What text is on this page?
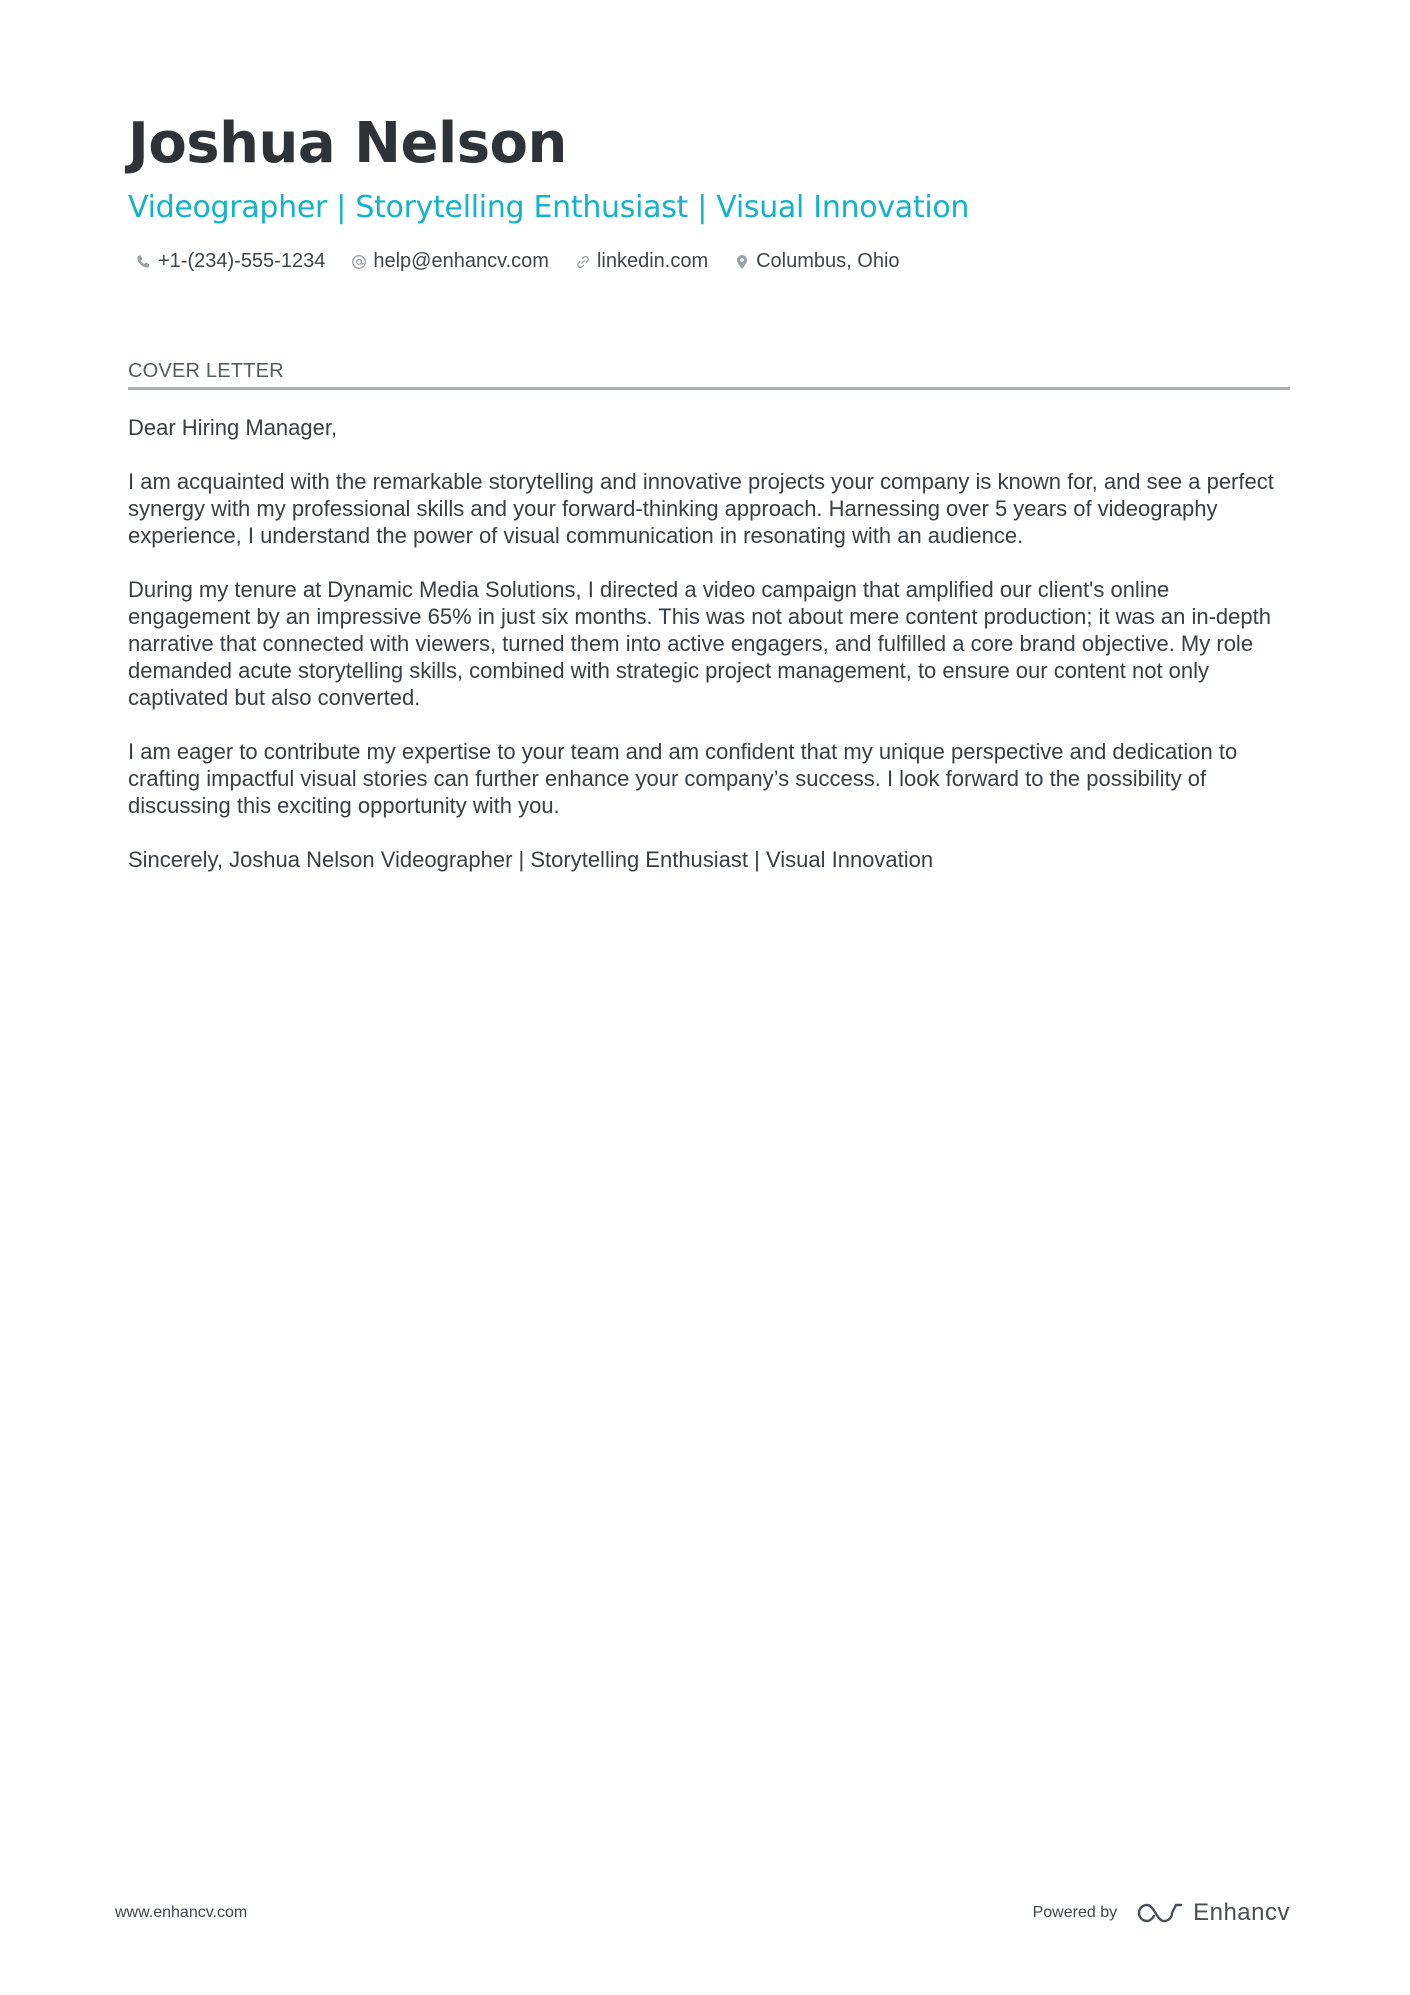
Joshua Nelson
Videographer | Storytelling Enthusiast | Visual Innovation
+1-(234)-555-1234 help@enhancv.com linkedin.com Columbus, Ohio
COVER LETTER

Dear Hiring Manager,

I am acquainted with the remarkable storytelling and innovative projects your company is known for, and see a perfect synergy with my professional skills and your forward-thinking approach. Harnessing over 5 years of videography experience, I understand the power of visual communication in resonating with an audience.

During my tenure at Dynamic Media Solutions, I directed a video campaign that amplified our client's online engagement by an impressive 65% in just six months. This was not about mere content production; it was an in-depth narrative that connected with viewers, turned them into active engagers, and fulfilled a core brand objective. My role demanded acute storytelling skills, combined with strategic project management, to ensure our content not only captivated but also converted.

I am eager to contribute my expertise to your team and am confident that my unique perspective and dedication to crafting impactful visual stories can further enhance your company’s success. I look forward to the possibility of discussing this exciting opportunity with you.

Sincerely, Joshua Nelson Videographer | Storytelling Enthusiast | Visual Innovation

www.enhancv.com	Powered by	Enhancv
